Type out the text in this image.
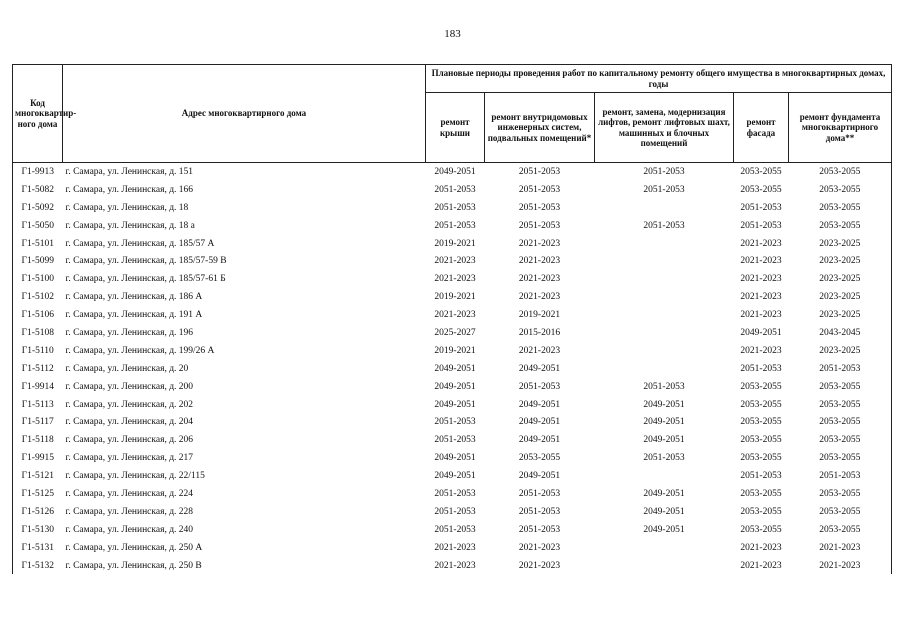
183
Код многоквартир-ного дома	Адрес многоквартирного дома	Плановые периоды проведения работ по капитальному ремонту общего имущества в многоквартирных домах, годы				
		ремонт крыши	ремонт внутридомовых инженерных систем, подвальных помещений*	ремонт, замена, модернизация лифтов, ремонт лифтовых шахт, машинных и блочных помещений	ремонт фасада	ремонт фундамента многоквартирного дома**
Г1-9913	г. Самара, ул. Ленинская, д. 151	2049-2051	2051-2053	2051-2053	2053-2055	2053-2055
Г1-5082	г. Самара, ул. Ленинская, д. 166	2051-2053	2051-2053	2051-2053	2053-2055	2053-2055
Г1-5092	г. Самара, ул. Ленинская, д. 18	2051-2053	2051-2053		2051-2053	2053-2055
Г1-5050	г. Самара, ул. Ленинская, д. 18 а	2051-2053	2051-2053	2051-2053	2051-2053	2053-2055
Г1-5101	г. Самара, ул. Ленинская, д. 185/57 А	2019-2021	2021-2023		2021-2023	2023-2025
Г1-5099	г. Самара, ул. Ленинская, д. 185/57-59 В	2021-2023	2021-2023		2021-2023	2023-2025
Г1-5100	г. Самара, ул. Ленинская, д. 185/57-61 Б	2021-2023	2021-2023		2021-2023	2023-2025
Г1-5102	г. Самара, ул. Ленинская, д. 186 А	2019-2021	2021-2023		2021-2023	2023-2025
Г1-5106	г. Самара, ул. Ленинская, д. 191 А	2021-2023	2019-2021		2021-2023	2023-2025
Г1-5108	г. Самара, ул. Ленинская, д. 196	2025-2027	2015-2016		2049-2051	2043-2045
Г1-5110	г. Самара, ул. Ленинская, д. 199/26 А	2019-2021	2021-2023		2021-2023	2023-2025
Г1-5112	г. Самара, ул. Ленинская, д. 20	2049-2051	2049-2051		2051-2053	2051-2053
Г1-9914	г. Самара, ул. Ленинская, д. 200	2049-2051	2051-2053	2051-2053	2053-2055	2053-2055
Г1-5113	г. Самара, ул. Ленинская, д. 202	2049-2051	2049-2051	2049-2051	2053-2055	2053-2055
Г1-5117	г. Самара, ул. Ленинская, д. 204	2051-2053	2049-2051	2049-2051	2053-2055	2053-2055
Г1-5118	г. Самара, ул. Ленинская, д. 206	2051-2053	2049-2051	2049-2051	2053-2055	2053-2055
Г1-9915	г. Самара, ул. Ленинская, д. 217	2049-2051	2053-2055	2051-2053	2053-2055	2053-2055
Г1-5121	г. Самара, ул. Ленинская, д. 22/115	2049-2051	2049-2051		2051-2053	2051-2053
Г1-5125	г. Самара, ул. Ленинская, д. 224	2051-2053	2051-2053	2049-2051	2053-2055	2053-2055
Г1-5126	г. Самара, ул. Ленинская, д. 228	2051-2053	2051-2053	2049-2051	2053-2055	2053-2055
Г1-5130	г. Самара, ул. Ленинская, д. 240	2051-2053	2051-2053	2049-2051	2053-2055	2053-2055
Г1-5131	г. Самара, ул. Ленинская, д. 250 А	2021-2023	2021-2023		2021-2023	2021-2023
Г1-5132	г. Самара, ул. Ленинская, д. 250 В	2021-2023	2021-2023		2021-2023	2021-2023
